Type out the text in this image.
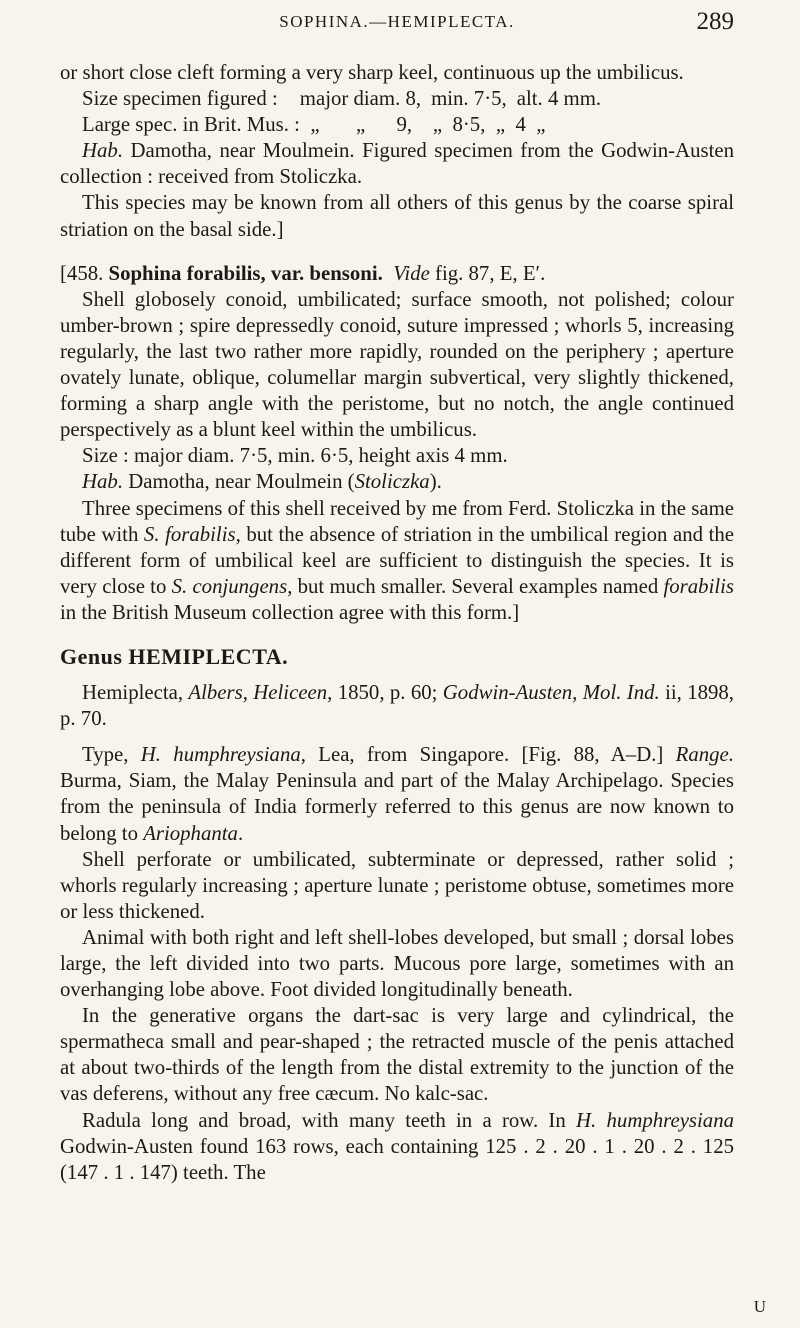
SOPHINA.—HEMIPLECTA.	289

or short close cleft forming a very sharp keel, continuous up the umbilicus.

Size specimen figured :	major diam. 8,	min. 7·5,	alt. 4 mm.

Large spec. in Brit. Mus. : „ „ 9, „ 8·5, „ 4 „

Hab. Damotha, near Moulmein. Figured specimen from the Godwin-Austen collection : received from Stoliczka.

This species may be known from all others of this genus by the coarse spiral striation on the basal side.]

[458. Sophina forabilis, var. bensoni. Vide fig. 87, E, E′.

Shell globosely conoid, umbilicated; surface smooth, not polished; colour umber-brown ; spire depressedly conoid, suture impressed ; whorls 5, increasing regularly, the last two rather more rapidly, rounded on the periphery ; aperture ovately lunate, oblique, columellar margin subvertical, very slightly thickened, forming a sharp angle with the peristome, but no notch, the angle continued perspectively as a blunt keel within the umbilicus.

Size : major diam. 7·5, min. 6·5, height axis 4 mm.

Hab. Damotha, near Moulmein (Stoliczka).

Three specimens of this shell received by me from Ferd. Stoliczka in the same tube with S. forabilis, but the absence of striation in the umbilical region and the different form of umbilical keel are sufficient to distinguish the species. It is very close to S. conjungens, but much smaller. Several examples named forabilis in the British Museum collection agree with this form.]

Genus HEMIPLECTA.

Hemiplecta, Albers, Heliceen, 1850, p. 60; Godwin-Austen, Mol. Ind. ii, 1898, p. 70.

Type, H. humphreysiana, Lea, from Singapore. [Fig. 88, A–D.] Range. Burma, Siam, the Malay Peninsula and part of the Malay Archipelago. Species from the peninsula of India formerly referred to this genus are now known to belong to Ariophanta.

Shell perforate or umbilicated, subterminate or depressed, rather solid ; whorls regularly increasing ; aperture lunate ; peristome obtuse, sometimes more or less thickened.

Animal with both right and left shell-lobes developed, but small ; dorsal lobes large, the left divided into two parts. Mucous pore large, sometimes with an overhanging lobe above. Foot divided longitudinally beneath.

In the generative organs the dart-sac is very large and cylindrical, the spermatheca small and pear-shaped ; the retracted muscle of the penis attached at about two-thirds of the length from the distal extremity to the junction of the vas deferens, without any free cæcum. No kalc-sac.

Radula long and broad, with many teeth in a row. In H. humphreysiana Godwin-Austen found 163 rows, each containing 125 . 2 . 20 . 1 . 20 . 2 . 125 (147 . 1 . 147) teeth. The

U
